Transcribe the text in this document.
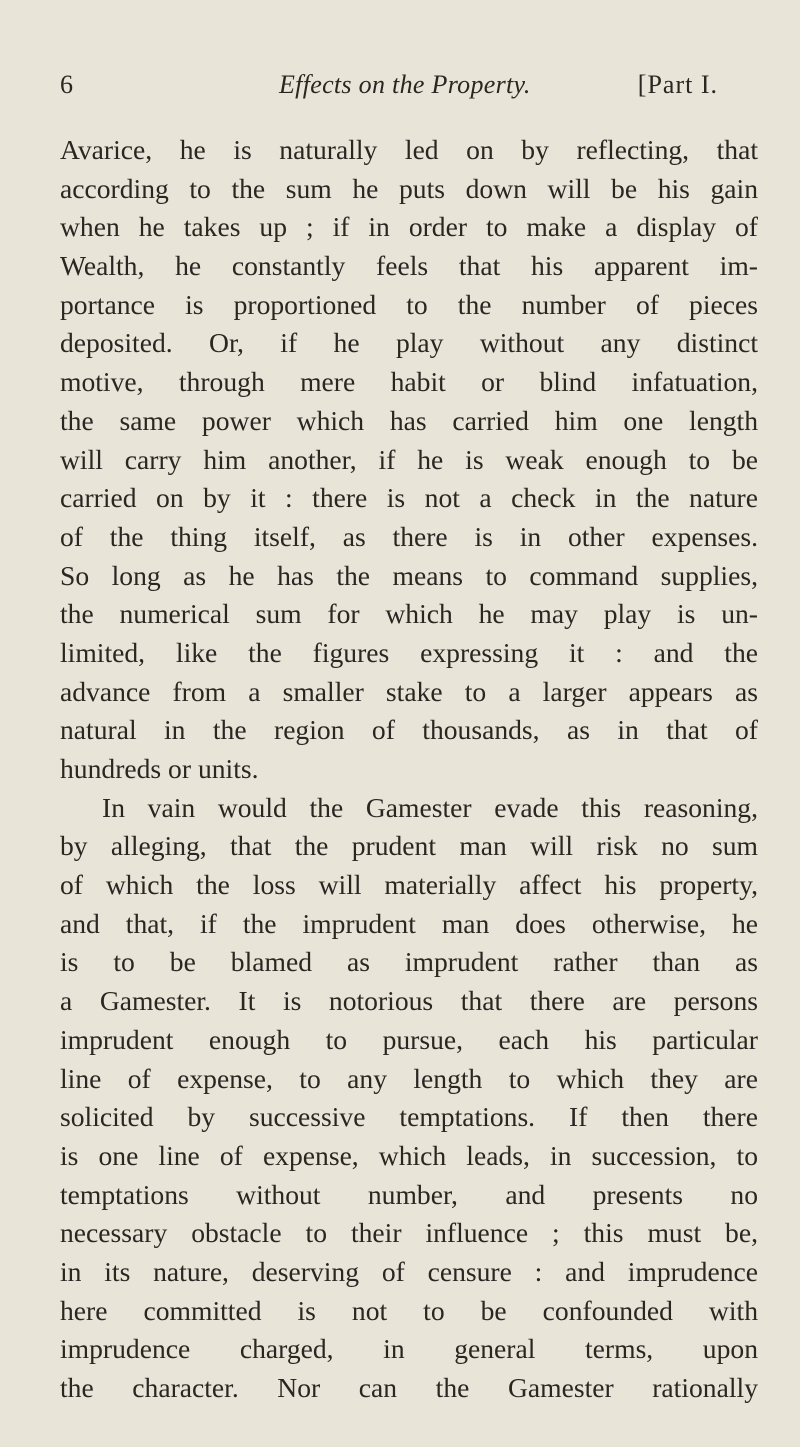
6	Effects on the Property.	[Part I.
Avarice, he is naturally led on by reflecting, that
according to the sum he puts down will be his gain
when he takes up ; if in order to make a display of
Wealth, he constantly feels that his apparent im-
portance is proportioned to the number of pieces
deposited. Or, if he play without any distinct
motive, through mere habit or blind infatuation,
the same power which has carried him one length
will carry him another, if he is weak enough to be
carried on by it : there is not a check in the nature
of the thing itself, as there is in other expenses.
So long as he has the means to command supplies,
the numerical sum for which he may play is un-
limited, like the figures expressing it : and the
advance from a smaller stake to a larger appears as
natural in the region of thousands, as in that of
hundreds or units.
In vain would the Gamester evade this reasoning,
by alleging, that the prudent man will risk no sum
of which the loss will materially affect his property,
and that, if the imprudent man does otherwise, he
is to be blamed as imprudent rather than as
a Gamester. It is notorious that there are persons
imprudent enough to pursue, each his particular
line of expense, to any length to which they are
solicited by successive temptations. If then there
is one line of expense, which leads, in succession, to
temptations without number, and presents no
necessary obstacle to their influence ; this must be,
in its nature, deserving of censure : and imprudence
here committed is not to be confounded with
imprudence charged, in general terms, upon
the character. Nor can the Gamester rationally
